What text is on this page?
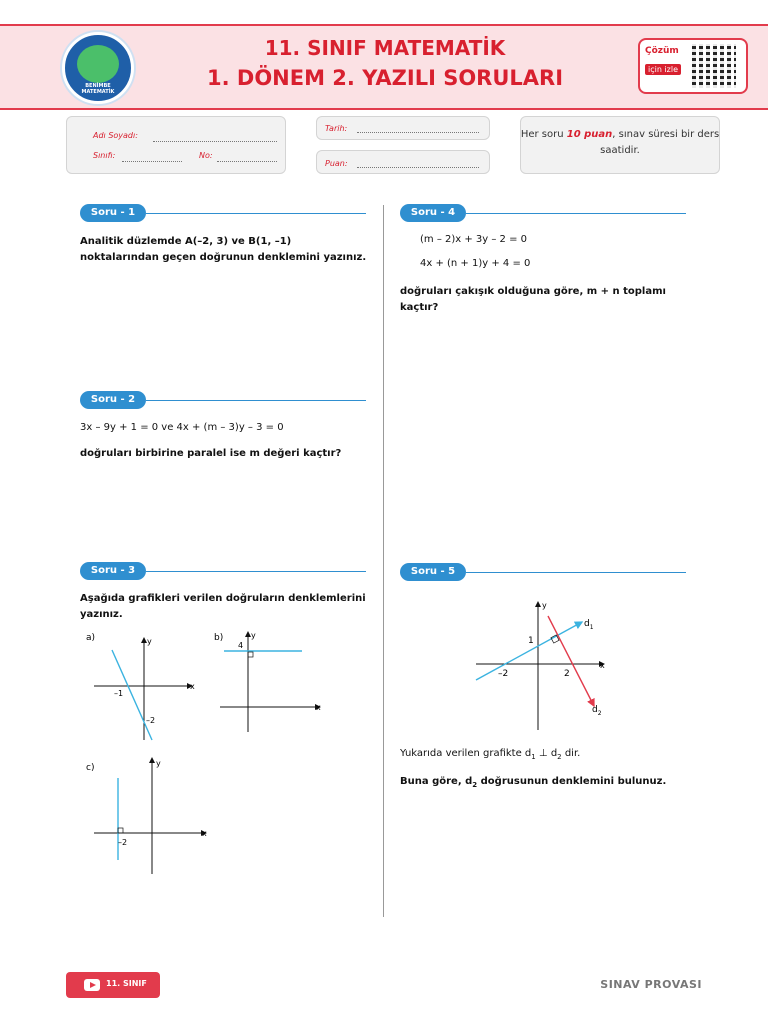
BENİMBE MATEMATİK
11. SINIF MATEMATİK
1. DÖNEM 2. YAZILI SORULARI
Çözüm
için izle
Adı Soyadı:
Sınıfı:	No:
Tarih:
Puan:
Her soru 10 puan, sınav süresi bir ders saatidir.
Soru - 1
Analitik düzlemde A(–2, 3) ve B(1, –1) noktalarından geçen doğrunun denklemini yazınız.
Soru - 2
3x – 9y + 1 = 0 ve 4x + (m – 3)y – 3 = 0
doğruları birbirine paralel ise m değeri kaçtır?
Soru - 3
Aşağıda grafikleri verilen doğruların denklemlerini yazınız.
a)
x
y
–1
–2
b)
x
y
4
c)
x
y
–2
Soru - 4
(m – 2)x + 3y – 2 = 0
4x + (n + 1)y + 4 = 0
doğruları çakışık olduğuna göre, m + n toplamı kaçtır?
Soru - 5
x
y
–2	2
1
$d_1$
$d_2$
Yukarıda verilen grafikte $d_1$ ⊥ $d_2$ dir.
Buna göre, $d_2$ doğrusunun denklemini bulunuz.
11. SINIF	SINAV PROVASI
